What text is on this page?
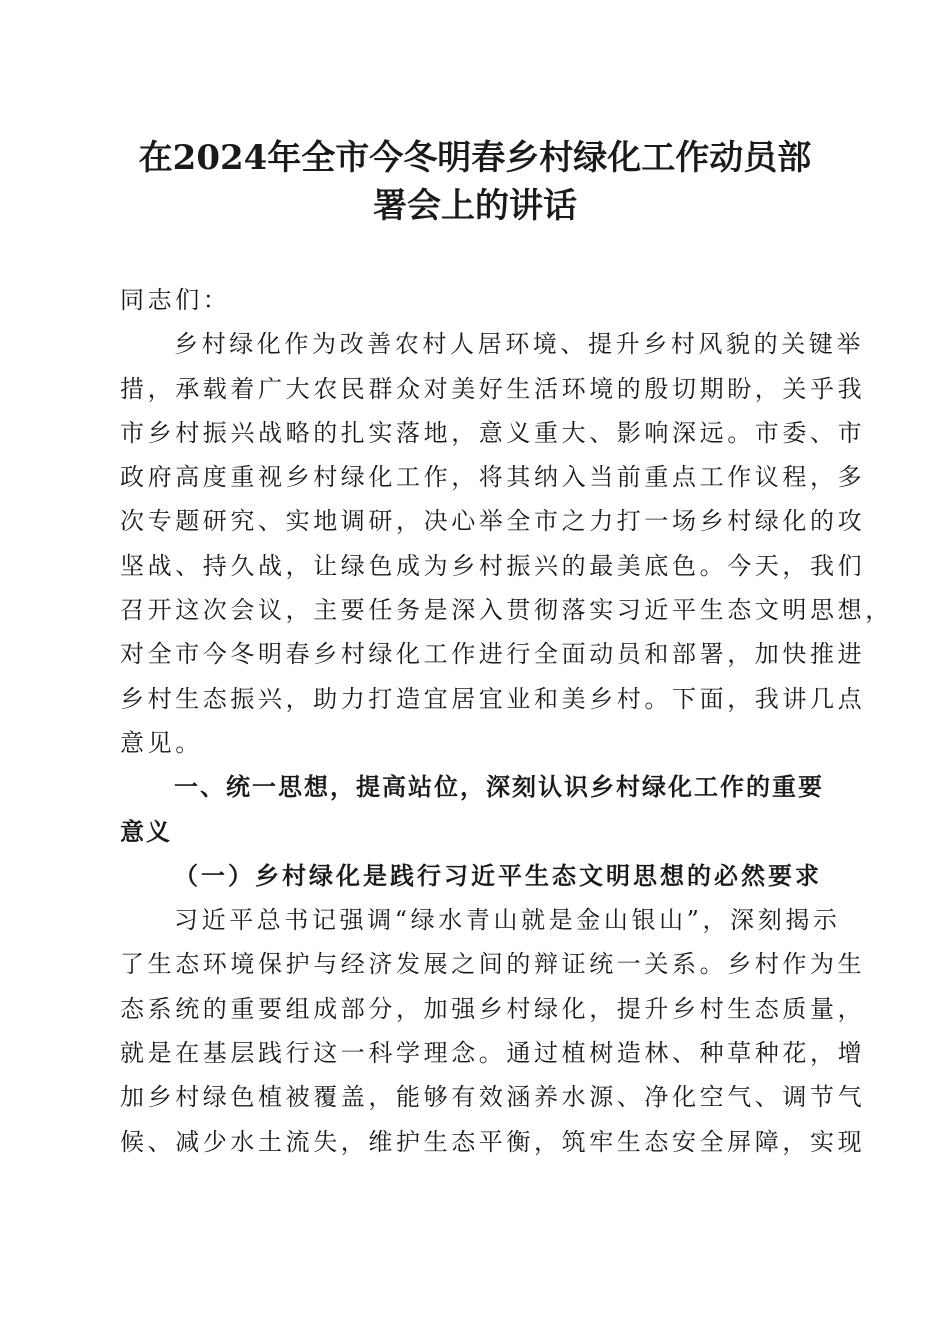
在2024年全市今冬明春乡村绿化工作动员部
署会上的讲话
同志们：
乡村绿化作为改善农村人居环境、提升乡村风貌的关键举
措，承载着广大农民群众对美好生活环境的殷切期盼，关乎我
市乡村振兴战略的扎实落地，意义重大、影响深远。市委、市
政府高度重视乡村绿化工作，将其纳入当前重点工作议程，多
次专题研究、实地调研，决心举全市之力打一场乡村绿化的攻
坚战、持久战，让绿色成为乡村振兴的最美底色。今天，我们
召开这次会议，主要任务是深入贯彻落实习近平生态文明思想，
对全市今冬明春乡村绿化工作进行全面动员和部署，加快推进
乡村生态振兴，助力打造宜居宜业和美乡村。下面，我讲几点
意见。
一、统一思想，提高站位，深刻认识乡村绿化工作的重要
意义
（一）乡村绿化是践行习近平生态文明思想的必然要求
习近平总书记强调“绿水青山就是金山银山”，深刻揭示
了生态环境保护与经济发展之间的辩证统一关系。乡村作为生
态系统的重要组成部分，加强乡村绿化，提升乡村生态质量，
就是在基层践行这一科学理念。通过植树造林、种草种花，增
加乡村绿色植被覆盖，能够有效涵养水源、净化空气、调节气
候、减少水土流失，维护生态平衡，筑牢生态安全屏障，实现
